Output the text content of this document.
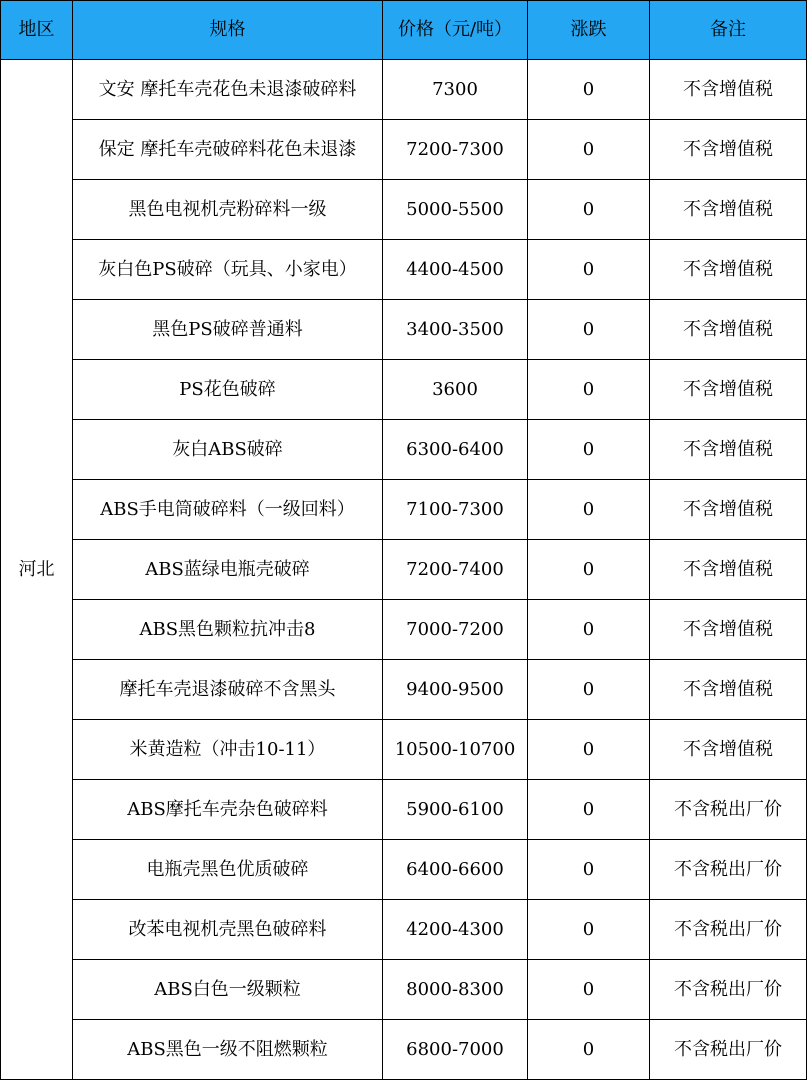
地区	规格	价格（元/吨）	涨跌	备注
河北	文安 摩托车壳花色未退漆破碎料	7300	0	不含增值税
	保定 摩托车壳破碎料花色未退漆	7200-7300	0	不含增值税
	黑色电视机壳粉碎料一级	5000-5500	0	不含增值税
	灰白色PS破碎（玩具、小家电）	4400-4500	0	不含增值税
	黑色PS破碎普通料	3400-3500	0	不含增值税
	PS花色破碎	3600	0	不含增值税
	灰白ABS破碎	6300-6400	0	不含增值税
	ABS手电筒破碎料（一级回料）	7100-7300	0	不含增值税
	ABS蓝绿电瓶壳破碎	7200-7400	0	不含增值税
	ABS黑色颗粒抗冲击8	7000-7200	0	不含增值税
	摩托车壳退漆破碎不含黑头	9400-9500	0	不含增值税
	米黄造粒（冲击10-11）	10500-10700	0	不含增值税
	ABS摩托车壳杂色破碎料	5900-6100	0	不含税出厂价
	电瓶壳黑色优质破碎	6400-6600	0	不含税出厂价
	改苯电视机壳黑色破碎料	4200-4300	0	不含税出厂价
	ABS白色一级颗粒	8000-8300	0	不含税出厂价
	ABS黑色一级不阻燃颗粒	6800-7000	0	不含税出厂价
